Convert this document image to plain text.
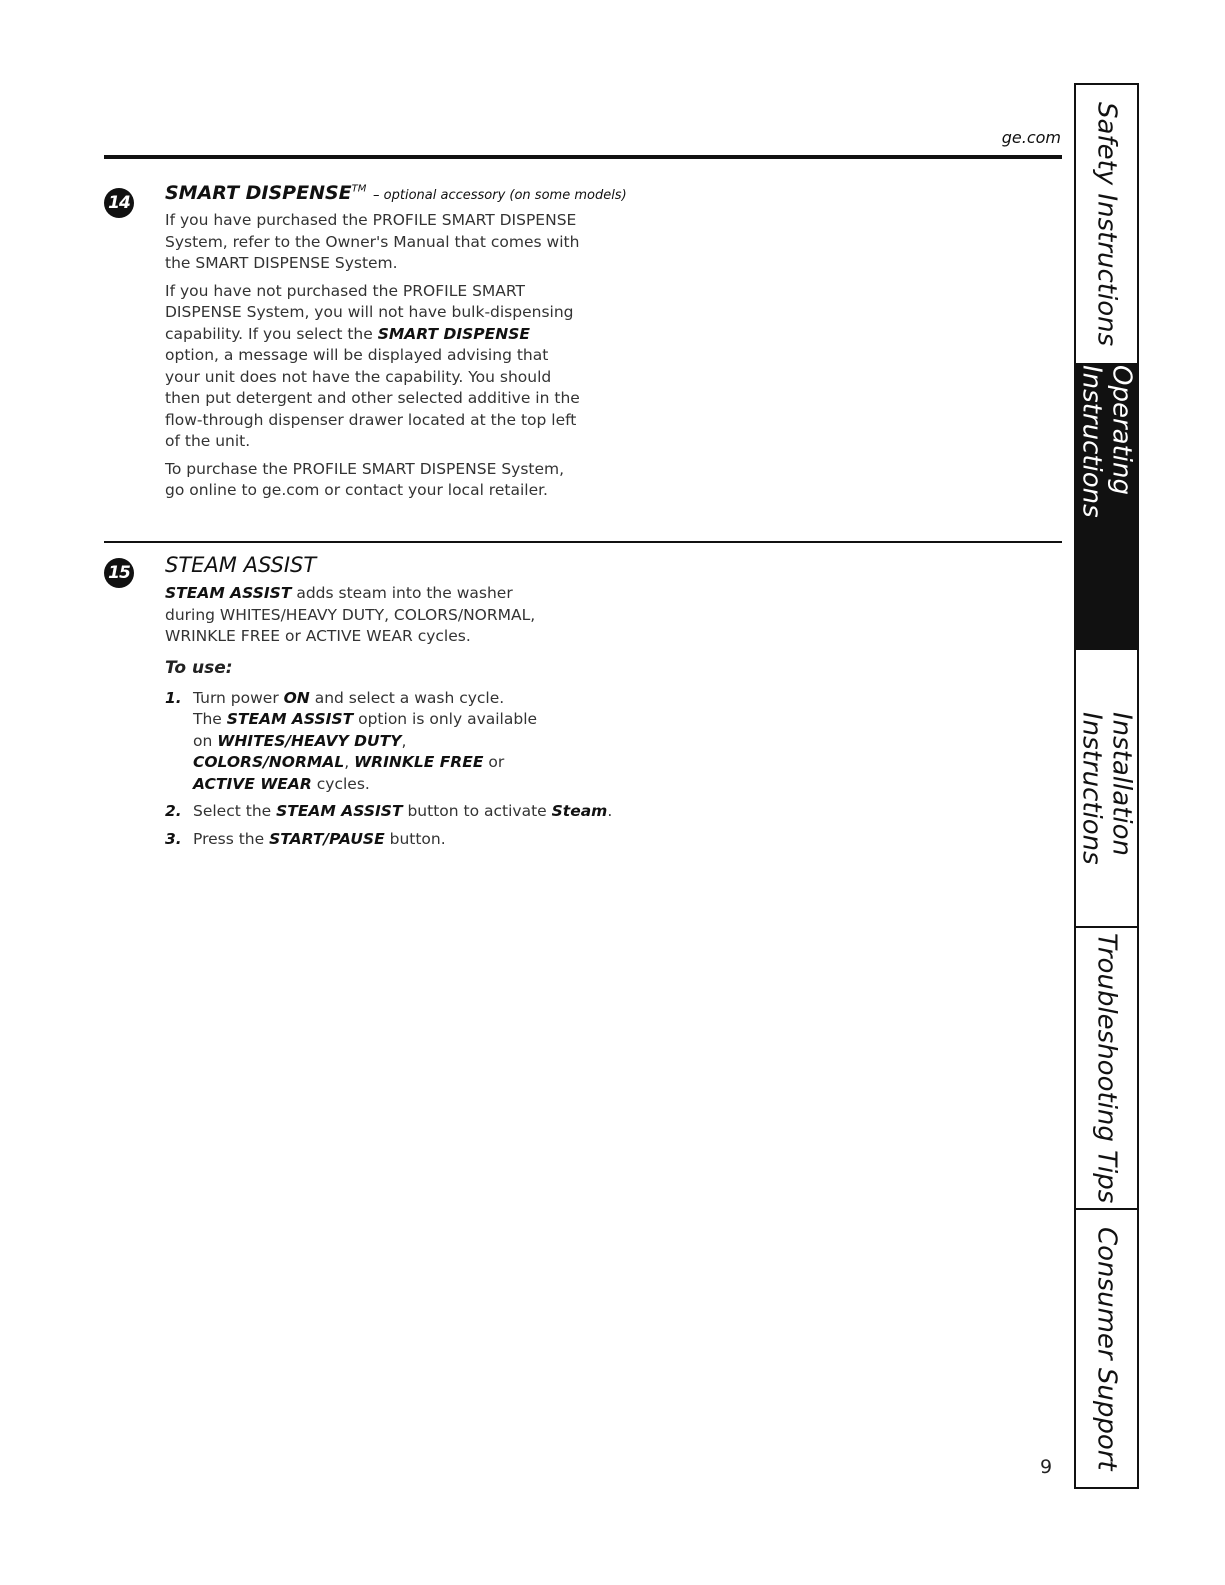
ge.com
14 SMART DISPENSE™ – optional accessory (on some models)

If you have purchased the PROFILE SMART DISPENSE System, refer to the Owner's Manual that comes with the SMART DISPENSE System.

If you have not purchased the PROFILE SMART DISPENSE System, you will not have bulk-dispensing capability. If you select the SMART DISPENSE option, a message will be displayed advising that your unit does not have the capability. You should then put detergent and other selected additive in the flow-through dispenser drawer located at the top left of the unit.

To purchase the PROFILE SMART DISPENSE System, go online to ge.com or contact your local retailer.

15 STEAM ASSIST

STEAM ASSIST adds steam into the washer during WHITES/HEAVY DUTY, COLORS/NORMAL, WRINKLE FREE or ACTIVE WEAR cycles.

To use:
1. Turn power ON and select a wash cycle.
The STEAM ASSIST option is only available on WHITES/HEAVY DUTY, COLORS/NORMAL, WRINKLE FREE or ACTIVE WEAR cycles.
2. Select the STEAM ASSIST button to activate Steam.
3. Press the START/PAUSE button.
9
Safety Instructions
Operating Instructions
Installation
Instructions
Troubleshooting Tips
Consumer Support
